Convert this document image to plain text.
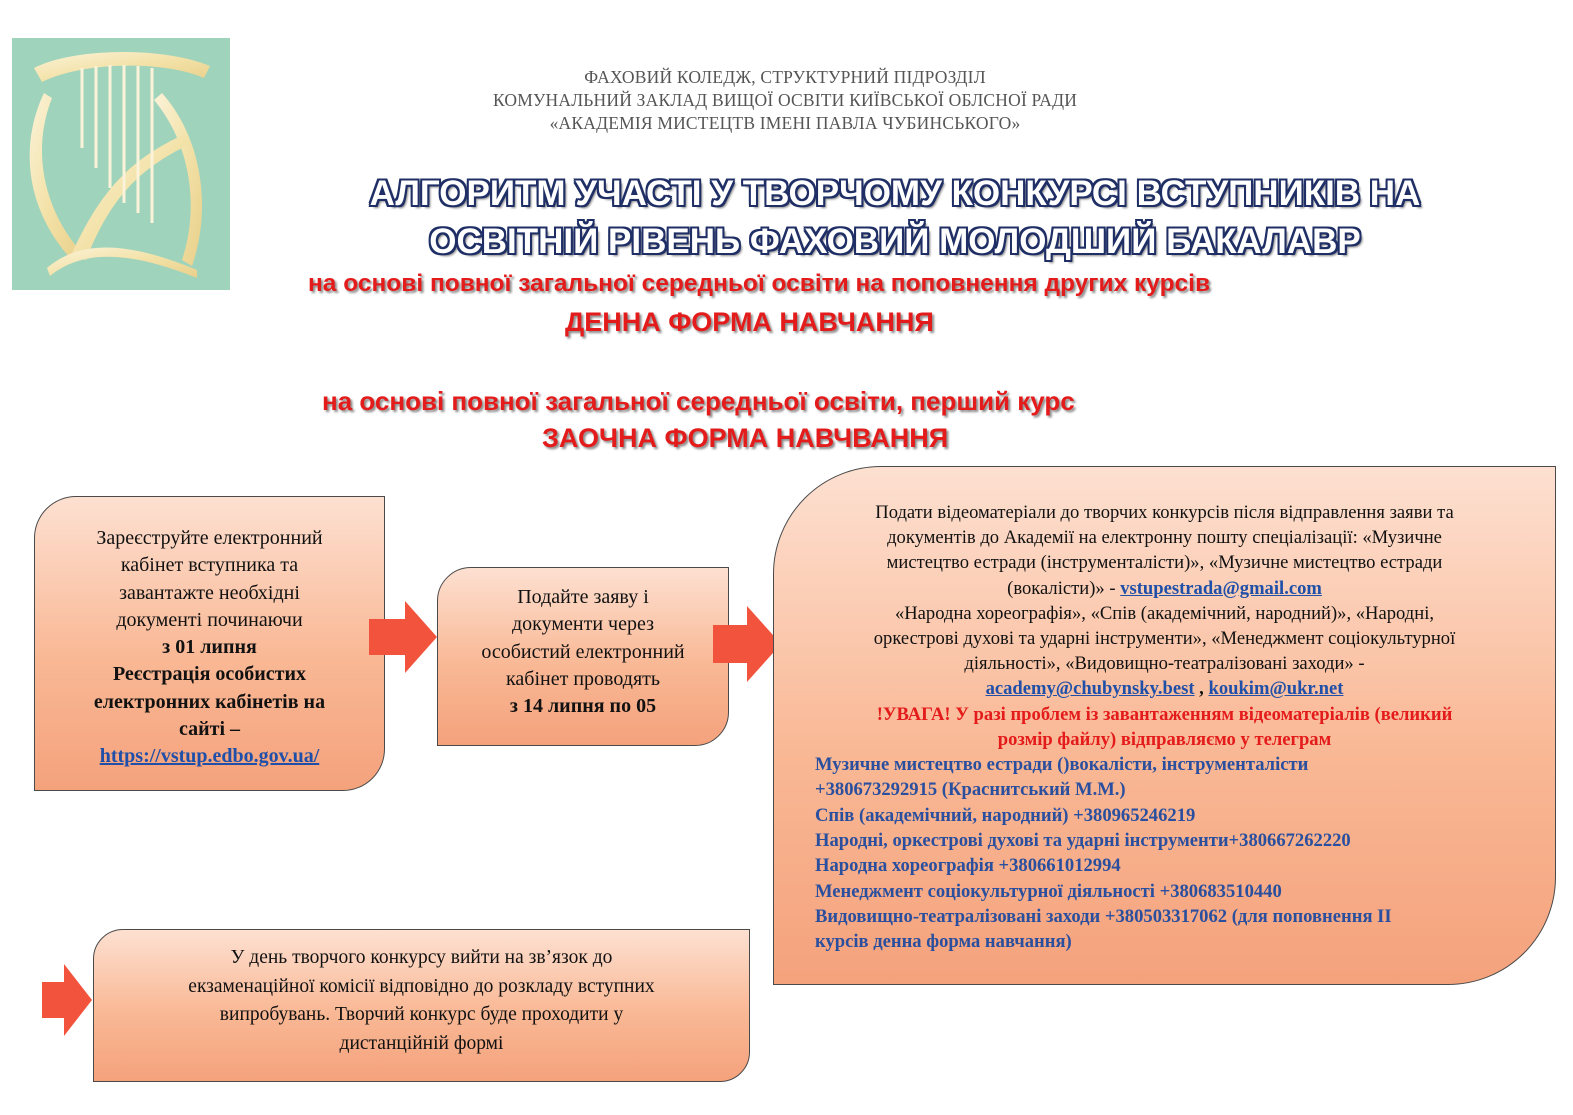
ФАХОВИЙ КОЛЕДЖ, СТРУКТУРНИЙ ПІДРОЗДІЛ
КОМУНАЛЬНИЙ ЗАКЛАД ВИЩОЇ ОСВІТИ КИЇВСЬКОЇ ОБЛСНОЇ РАДИ
«АКАДЕМІЯ МИСТЕЦТВ ІМЕНІ ПАВЛА ЧУБИНСЬКОГО»
АЛГОРИТМ УЧАСТІ У ТВОРЧОМУ КОНКУРСІ ВСТУПНИКІВ НА
ОСВІТНІЙ РІВЕНЬ ФАХОВИЙ МОЛОДШИЙ БАКАЛАВР
на основі повної загальної середньої освіти на поповнення других курсів
ДЕННА ФОРМА НАВЧАННЯ
на основі повної загальної середньої освіти, перший курс
ЗАОЧНА ФОРМА НАВЧВАННЯ
Зареєструйте електронний
кабінет вступника та
завантажте необхідні
документі починаючи
з 01 липня
Реєстрація особистих
електронних кабінетів на
сайті –
https://vstup.edbo.gov.ua/
Подайте заяву і
документи через
особистий електронний
кабінет проводять
з 14 липня по 05
Подати відеоматеріали до творчих конкурсів після відправлення заяви та
документів до Академії на електронну пошту спеціалізації: «Музичне
мистецтво естради (інструменталісти)», «Музичне мистецтво естради
(вокалісти)» - vstupestrada@gmail.com
«Народна хореографія», «Спів (академічний, народний)», «Народні,
оркестрові духові та ударні інструменти», «Менеджмент соціокультурної
діяльності», «Видовищно-театралізовані заходи» -
academy@chubynsky.best , koukim@ukr.net
!УВАГА! У разі проблем із завантаженням відеоматеріалів (великий
розмір файлу) відправляємо у телеграм
Музичне мистецтво естради ()вокалісти, інструменталісти
+380673292915 (Краснитський М.М.)
Спів (академічний, народний) +380965246219
Народні, оркестрові духові та ударні інструменти+380667262220
Народна хореографія +380661012994
Менеджмент соціокультурної діяльності +380683510440
Видовищно-театралізовані заходи +380503317062 (для поповнення ІІ
курсів денна форма навчання)
У день творчого конкурсу вийти на зв’язок до
екзаменаційної комісії відповідно до розкладу вступних
випробувань. Творчий конкурс буде проходити у
дистанційній формі
